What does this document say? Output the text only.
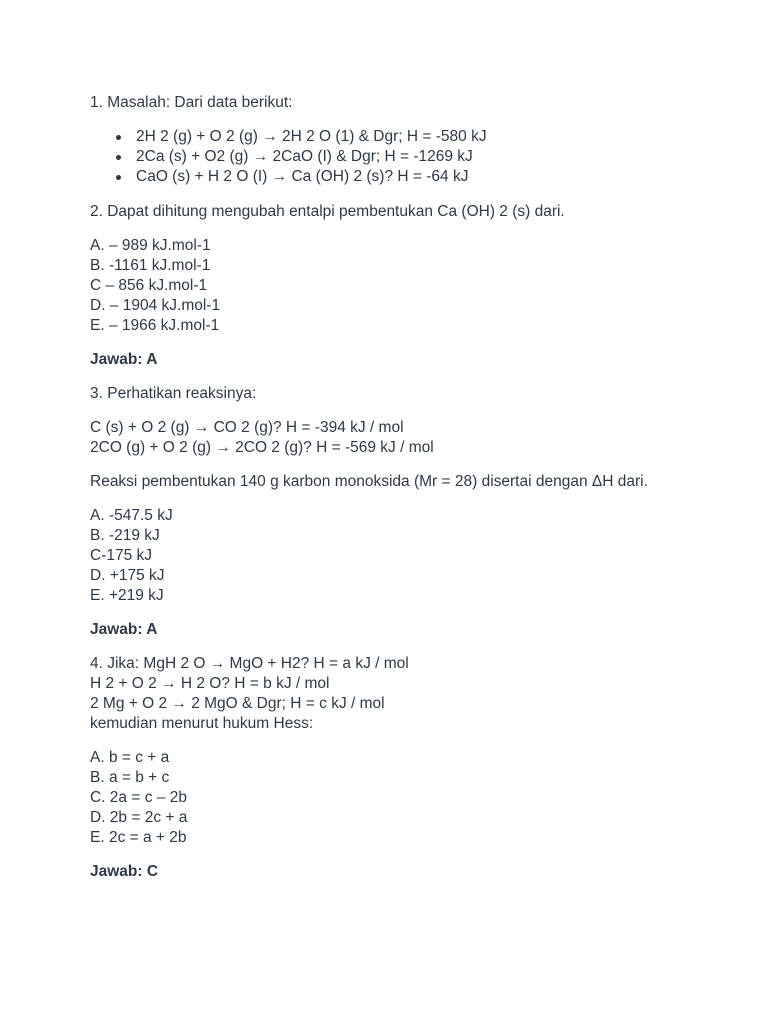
1. Masalah: Dari data berikut:

2H 2 (g) + O 2 (g) → 2H 2 O (1) & Dgr; H = -580 kJ
2Ca (s) + O2 (g) → 2CaO (I) & Dgr; H = -1269 kJ
CaO (s) + H 2 O (I) → Ca (OH) 2 (s)? H = -64 kJ

2. Dapat dihitung mengubah entalpi pembentukan Ca (OH) 2 (s) dari.

A. – 989 kJ.mol-1
B. -1161 kJ.mol-1
C – 856 kJ.mol-1
D. – 1904 kJ.mol-1
E. – 1966 kJ.mol-1

Jawab: A

3. Perhatikan reaksinya:

C (s) + O 2 (g) → CO 2 (g)? H = -394 kJ / mol
2CO (g) + O 2 (g) → 2CO 2 (g)? H = -569 kJ / mol

Reaksi pembentukan 140 g karbon monoksida (Mr = 28) disertai dengan ΔH dari.

A. -547.5 kJ
B. -219 kJ
C-175 kJ
D. +175 kJ
E. +219 kJ

Jawab: A

4. Jika: MgH 2 O → MgO + H2? H = a kJ / mol
H 2 + O 2 → H 2 O? H = b kJ / mol
2 Mg + O 2 → 2 MgO & Dgr; H = c kJ / mol
kemudian menurut hukum Hess:
A. b = c + a
B. a = b + c
C. 2a = c – 2b
D. 2b = 2c + a
E. 2c = a + 2b

Jawab: C
